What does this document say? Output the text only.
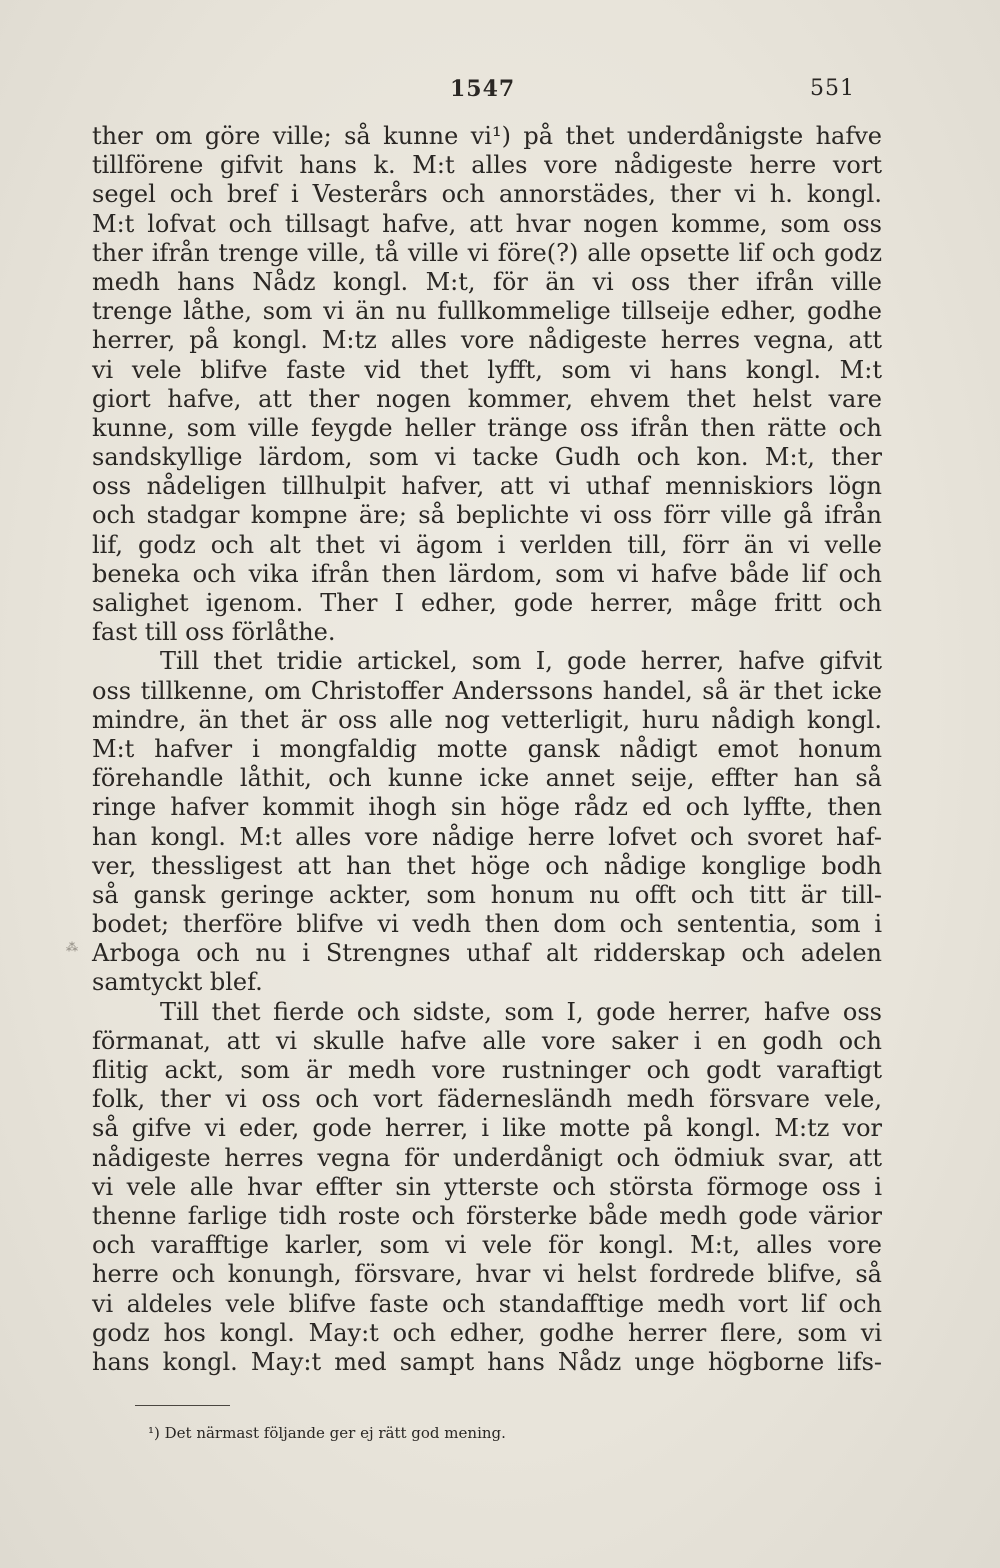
1547	551
ther om göre ville; så kunne vi¹) på thet underdånigste hafve
tillförene gifvit hans k. M:t alles vore nådigeste herre vort
segel och bref i Vesterårs och annorstädes, ther vi h. kongl.
M:t lofvat och tillsagt hafve, att hvar nogen komme, som oss
ther ifrån trenge ville, tå ville vi före(?) alle opsette lif och godz
medh hans Nådz kongl. M:t, för än vi oss ther ifrån ville
trenge låthe, som vi än nu fullkommelige tillseije edher, godhe
herrer, på kongl. M:tz alles vore nådigeste herres vegna, att
vi vele blifve faste vid thet lyfft, som vi hans kongl. M:t
giort hafve, att ther nogen kommer, ehvem thet helst vare
kunne, som ville feygde heller tränge oss ifrån then rätte och
sandskyllige lärdom, som vi tacke Gudh och kon. M:t, ther
oss nådeligen tillhulpit hafver, att vi uthaf menniskiors lögn
och stadgar kompne äre; så beplichte vi oss förr ville gå ifrån
lif, godz och alt thet vi ägom i verlden till, förr än vi velle
beneka och vika ifrån then lärdom, som vi hafve både lif och
salighet igenom. Ther I edher, gode herrer, måge fritt och
fast till oss förlåthe.
Till thet tridie artickel, som I, gode herrer, hafve gifvit
oss tillkenne, om Christoffer Anderssons handel, så är thet icke
mindre, än thet är oss alle nog vetterligit, huru nådigh kongl.
M:t hafver i mongfaldig motte gansk nådigt emot honum
förehandle låthit, och kunne icke annet seije, effter han så
ringe hafver kommit ihogh sin höge rådz ed och lyffte, then
han kongl. M:t alles vore nådige herre lofvet och svoret haf-
ver, thessligest att han thet höge och nådige konglige bodh
så gansk geringe ackter, som honum nu offt och titt är till-
bodet; therföre blifve vi vedh then dom och sententia, som i
Arboga och nu i Strengnes uthaf alt ridderskap och adelen
samtyckt blef.
Till thet fierde och sidste, som I, gode herrer, hafve oss
förmanat, att vi skulle hafve alle vore saker i en godh och
flitig ackt, som är medh vore rustninger och godt varaftigt
folk, ther vi oss och vort fädernesländh medh försvare vele,
så gifve vi eder, gode herrer, i like motte på kongl. M:tz vor
nådigeste herres vegna för underdånigt och ödmiuk svar, att
vi vele alle hvar effter sin ytterste och största förmoge oss i
thenne farlige tidh roste och försterke både medh gode värior
och varafftige karler, som vi vele för kongl. M:t, alles vore
herre och konungh, försvare, hvar vi helst fordrede blifve, så
vi aldeles vele blifve faste och standafftige medh vort lif och
godz hos kongl. May:t och edher, godhe herrer flere, som vi
hans kongl. May:t med sampt hans Nådz unge högborne lifs-
⁂
¹) Det närmast följande ger ej rätt god mening.
